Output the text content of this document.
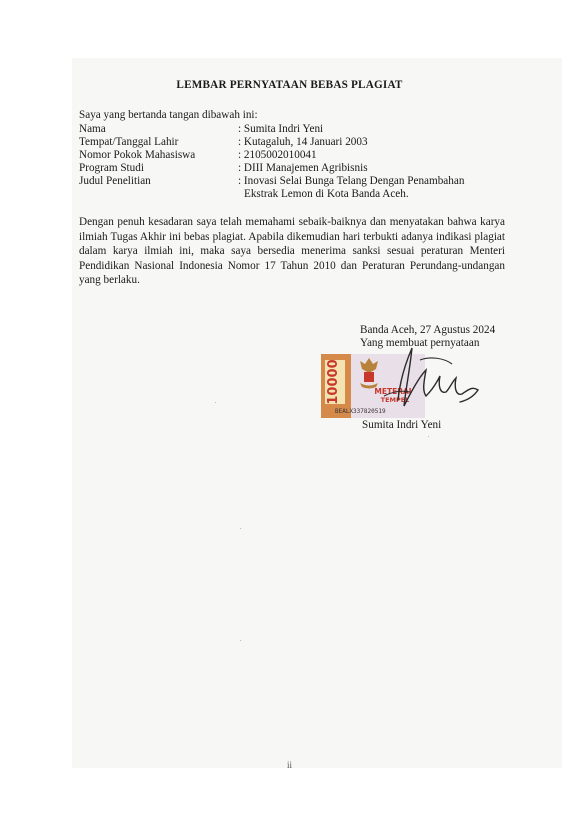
LEMBAR PERNYATAAN BEBAS PLAGIAT
Saya yang bertanda tangan dibawah ini:
Nama	: Sumita Indri Yeni
Tempat/Tanggal Lahir	: Kutagaluh, 14 Januari 2003
Nomor Pokok Mahasiswa	: 2105002010041
Program Studi	: DIII Manajemen Agribisnis
Judul Penelitian	: Inovasi Selai Bunga Telang Dengan Penambahan
Ekstrak Lemon di Kota Banda Aceh.
Dengan penuh kesadaran saya telah memahami sebaik-baiknya dan menyatakan bahwa karya ilmiah Tugas Akhir ini bebas plagiat. Apabila dikemudian hari terbukti adanya indikasi plagiat dalam karya ilmiah ini, maka saya bersedia menerima sanksi sesuai peraturan Menteri Pendidikan Nasional Indonesia Nomor 17 Tahun 2010 dan Peraturan Perundang-undangan yang berlaku.
Banda Aceh, 27 Agustus 2024
Yang membuat pernyataan
10000	METERAI
TEMPEL
BEALX337820519
Sumita Indri Yeni
ii
